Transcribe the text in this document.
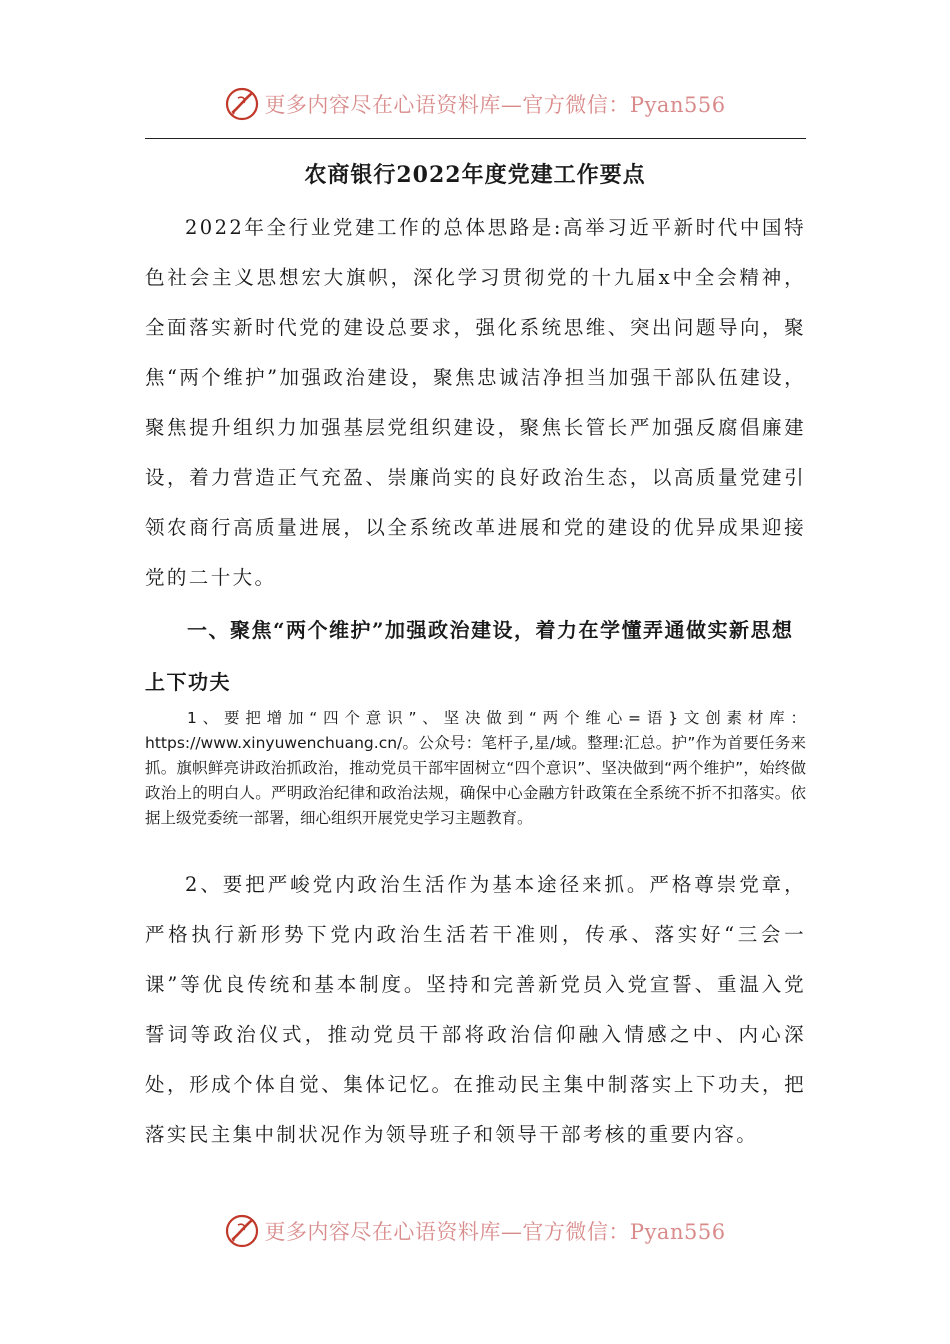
更多内容尽在心语资料库—官方微信：Pyan556
农商银行2022年度党建工作要点
2022年全行业党建工作的总体思路是:高举习近平新时代中国特色社会主义思想宏大旗帜，深化学习贯彻党的十九届x中全会精神，全面落实新时代党的建设总要求，强化系统思维、突出问题导向，聚焦“两个维护”加强政治建设，聚焦忠诚洁净担当加强干部队伍建设，聚焦提升组织力加强基层党组织建设，聚焦长管长严加强反腐倡廉建设，着力营造正气充盈、崇廉尚实的良好政治生态，以高质量党建引领农商行高质量进展，以全系统改革进展和党的建设的优异成果迎接党的二十大。
一、聚焦“两个维护”加强政治建设，着力在学懂弄通做实新思想上下功夫
1、要把增加“四个意识”、坚决做到“两个维心=语}文创素材库：https://www.xinyuwenchuang.cn/。公众号：笔杆子,星/域。整理:汇总。护”作为首要任务来抓。旗帜鲜亮讲政治抓政治，推动党员干部牢固树立“四个意识”、坚决做到“两个维护”，始终做政治上的明白人。严明政治纪律和政治法规，确保中心金融方针政策在全系统不折不扣落实。依据上级党委统一部署，细心组织开展党史学习主题教育。
2、要把严峻党内政治生活作为基本途径来抓。严格尊崇党章，严格执行新形势下党内政治生活若干准则，传承、落实好“三会一课”等优良传统和基本制度。坚持和完善新党员入党宣誓、重温入党誓词等政治仪式，推动党员干部将政治信仰融入情感之中、内心深处，形成个体自觉、集体记忆。在推动民主集中制落实上下功夫，把落实民主集中制状况作为领导班子和领导干部考核的重要内容。
更多内容尽在心语资料库—官方微信：Pyan556
